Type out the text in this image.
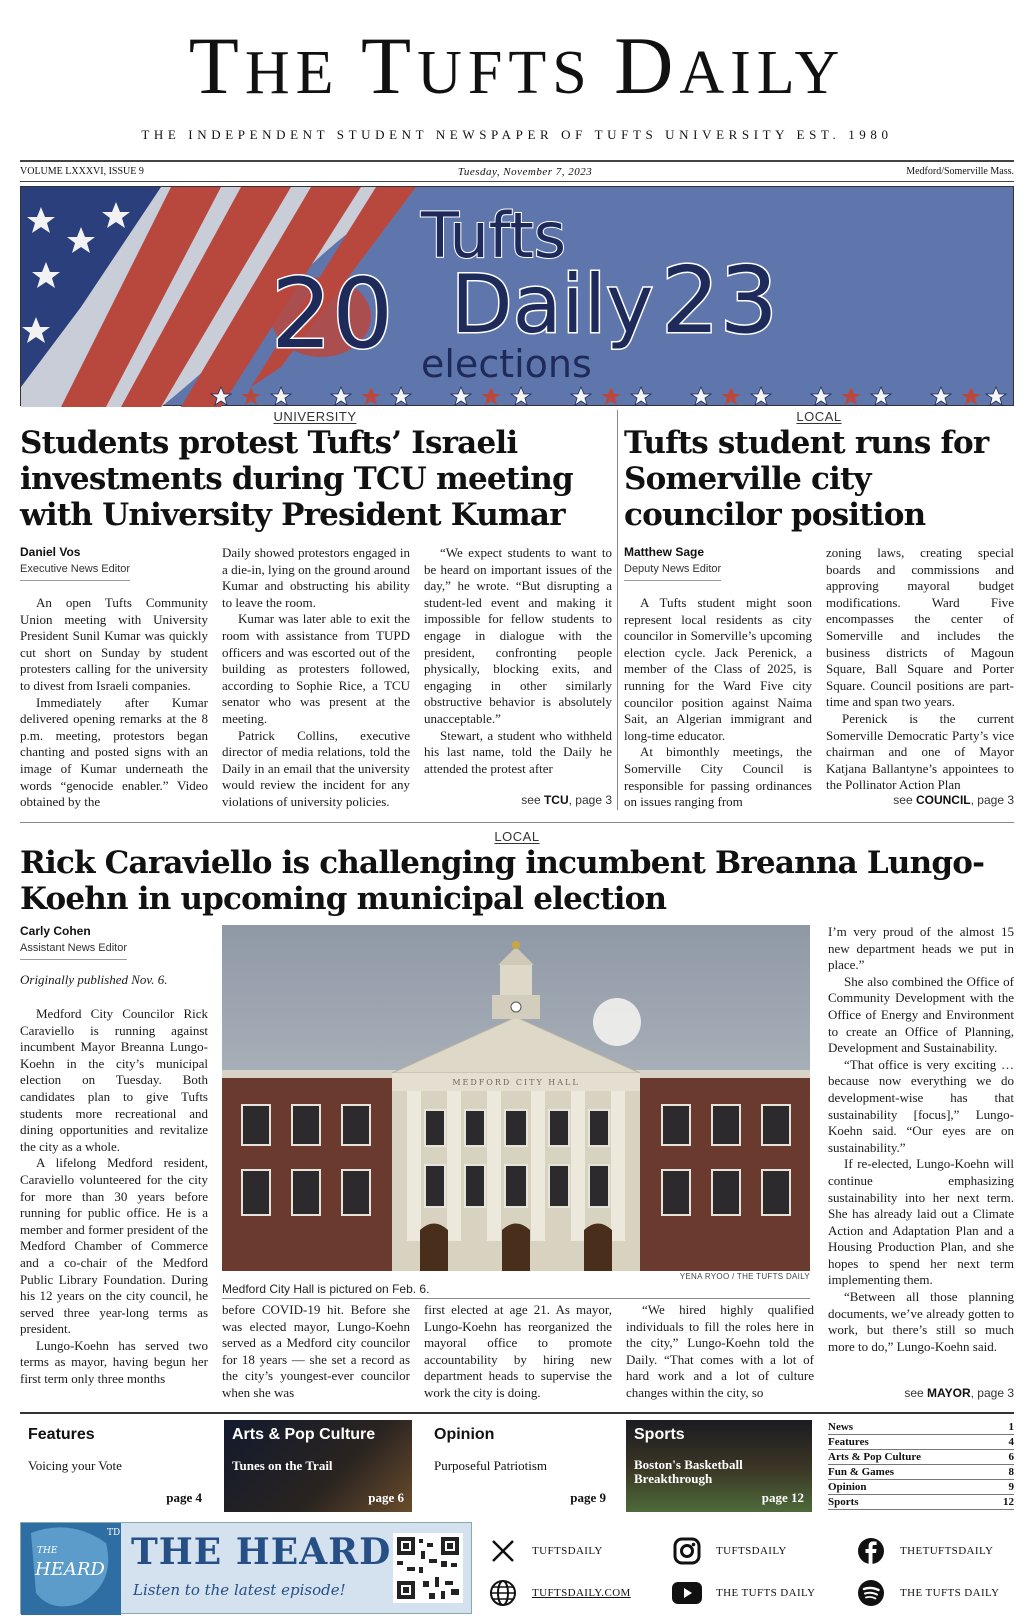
THE TUFTS DAILY
THE INDEPENDENT STUDENT NEWSPAPER OF TUFTS UNIVERSITY EST. 1980
VOLUME LXXXVI, ISSUE 9	Tuesday, November 7, 2023	Medford/Somerville Mass.
Tufts
20 Daily 23
elections
UNIVERSITY
Students protest Tufts’ Israeli investments during TCU meeting with University President Kumar
Daniel Vos
Executive News Editor

An open Tufts Community Union meeting with University President Sunil Kumar was quickly cut short on Sunday by student protesters calling for the university to divest from Israeli companies.

Immediately after Kumar delivered opening remarks at the 8 p.m. meeting, protestors began chanting and posted signs with an image of Kumar underneath the words “genocide enabler.” Video obtained by the

Daily showed protestors engaged in a die-in, lying on the ground around Kumar and obstructing his ability to leave the room.

Kumar was later able to exit the room with assistance from TUPD officers and was escorted out of the building as protesters followed, according to Sophie Rice, a TCU senator who was present at the meeting.

Patrick Collins, executive director of media relations, told the Daily in an email that the university would review the incident for any violations of university policies.

“We expect students to want to be heard on important issues of the day,” he wrote. “But disrupting a student-led event and making it impossible for fellow students to engage in dialogue with the president, confronting people physically, blocking exits, and engaging in other similarly obstructive behavior is absolutely unacceptable.”

Stewart, a student who withheld his last name, told the Daily he attended the protest after

see TCU, page 3
LOCAL
Tufts student runs for Somerville city councilor position
Matthew Sage
Deputy News Editor

A Tufts student might soon represent local residents as city councilor in Somerville’s upcoming election cycle. Jack Perenick, a member of the Class of 2025, is running for the Ward Five city councilor position against Naima Sait, an Algerian immigrant and long-time educator.

At bimonthly meetings, the Somerville City Council is responsible for passing ordinances on issues ranging from

zoning laws, creating special boards and commissions and approving mayoral budget modifications. Ward Five encompasses the center of Somerville and includes the business districts of Magoun Square, Ball Square and Porter Square. Council positions are part-time and span two years.

Perenick is the current Somerville Democratic Party’s vice chairman and one of Mayor Katjana Ballantyne’s appointees to the Pollinator Action Plan

see COUNCIL, page 3
LOCAL
Rick Caraviello is challenging incumbent Breanna Lungo-Koehn in upcoming municipal election
Carly Cohen
Assistant News Editor

Originally published Nov. 6.

Medford City Councilor Rick Caraviello is running against incumbent Mayor Breanna Lungo-Koehn in the city’s municipal election on Tuesday. Both candidates plan to give Tufts students more recreational and dining opportunities and revitalize the city as a whole.

A lifelong Medford resident, Caraviello volunteered for the city for more than 30 years before running for public office. He is a member and former president of the Medford Chamber of Commerce and a co-chair of the Medford Public Library Foundation. During his 12 years on the city council, he served three year-long terms as president.

Lungo-Koehn has served two terms as mayor, having begun her first term only three months

MEDFORD CITY HALL
YENA RYOO / THE TUFTS DAILY
Medford City Hall is pictured on Feb. 6.

before COVID-19 hit. Before she was elected mayor, Lungo-Koehn served as a Medford city councilor for 18 years — she set a record as the city’s youngest-ever councilor when she was

first elected at age 21. As mayor, Lungo-Koehn has reorganized the mayoral office to promote accountability by hiring new department heads to supervise the work the city is doing.

“We hired highly qualified individuals to fill the roles here in the city,” Lungo-Koehn told the Daily. “That comes with a lot of hard work and a lot of culture changes within the city, so

I’m very proud of the almost 15 new department heads we put in place.”

She also combined the Office of Community Development with the Office of Energy and Environment to create an Office of Planning, Development and Sustainability.

“That office is very exciting … because now everything we do development-wise has that sustainability [focus],” Lungo-Koehn said. “Our eyes are on sustainability.”

If re-elected, Lungo-Koehn will continue emphasizing sustainability into her next term. She has already laid out a Climate Action and Adaptation Plan and a Housing Production Plan, and she hopes to spend her next term implementing them.

“Between all those planning documents, we’ve already gotten to work, but there’s still so much more to do,” Lungo-Koehn said.

see MAYOR, page 3
Features
Voicing your Vote
page 4
Arts & Pop Culture
Tunes on the Trail
page 6
Opinion
Purposeful Patriotism
page 9
Sports
Boston's Basketball Breakthrough
page 12
News	1
Features	4
Arts & Pop Culture	6
Fun & Games	8
Opinion	9
Sports	12
THE
HEARD
TD THE HEARD
Listen to the latest episode!
TUFTSDAILY	TUFTSDAILY	THETUFTSDAILY
TUFTSDAILY.COM	THE TUFTS DAILY	THE TUFTS DAILY
